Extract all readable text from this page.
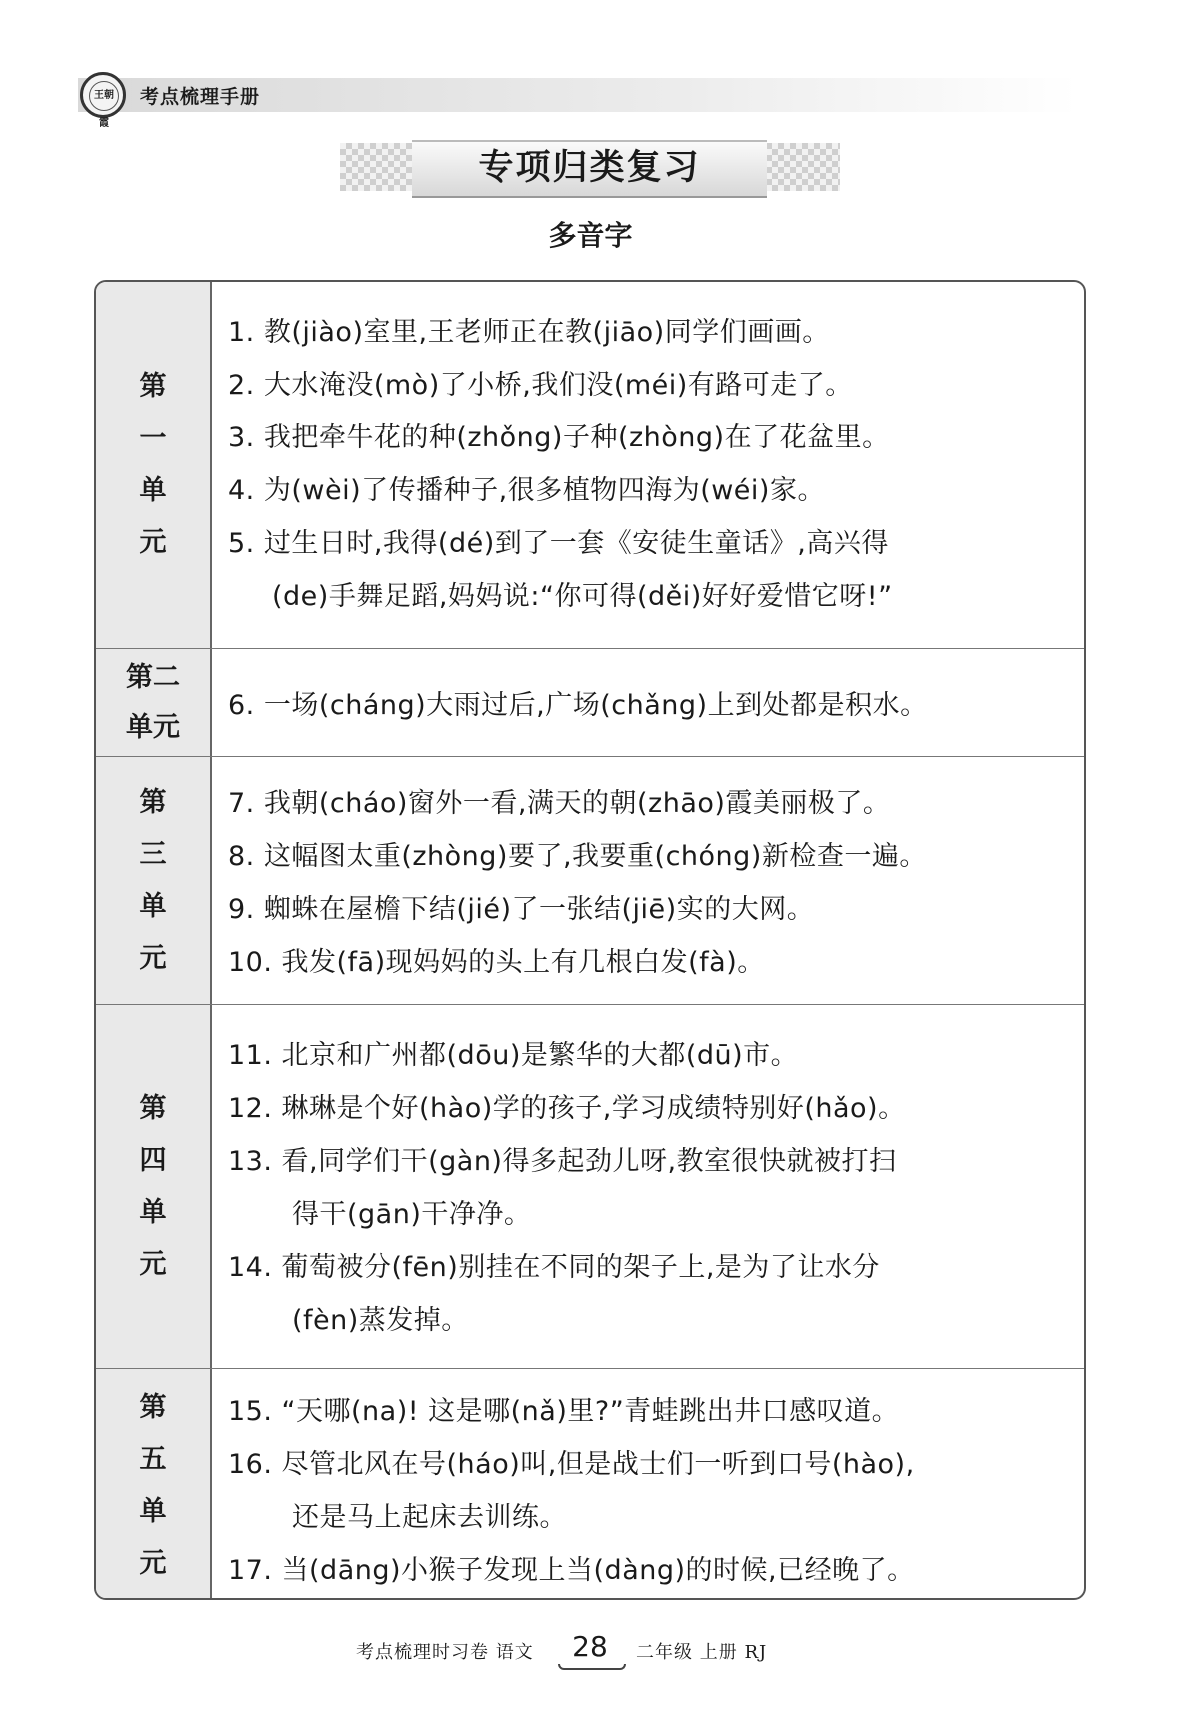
王朝霞
考点梳理手册
专项归类复习
多音字
第一单元
1. 教(jiào)室里,王老师正在教(jiāo)同学们画画。
2. 大水淹没(mò)了小桥,我们没(méi)有路可走了。
3. 我把牵牛花的种(zhǒng)子种(zhòng)在了花盆里。
4. 为(wèi)了传播种子,很多植物四海为(wéi)家。
5. 过生日时,我得(dé)到了一套《安徒生童话》,高兴得
(de)手舞足蹈,妈妈说:“你可得(děi)好好爱惜它呀!”
第二单元
6. 一场(cháng)大雨过后,广场(chǎng)上到处都是积水。
第三单元
7. 我朝(cháo)窗外一看,满天的朝(zhāo)霞美丽极了。
8. 这幅图太重(zhòng)要了,我要重(chóng)新检查一遍。
9. 蜘蛛在屋檐下结(jié)了一张结(jiē)实的大网。
10. 我发(fā)现妈妈的头上有几根白发(fà)。
第四单元
11. 北京和广州都(dōu)是繁华的大都(dū)市。
12. 琳琳是个好(hào)学的孩子,学习成绩特别好(hǎo)。
13. 看,同学们干(gàn)得多起劲儿呀,教室很快就被打扫
得干(gān)干净净。
14. 葡萄被分(fēn)别挂在不同的架子上,是为了让水分
(fèn)蒸发掉。
第五单元
15. “天哪(na)! 这是哪(nǎ)里?”青蛙跳出井口感叹道。
16. 尽管北风在号(háo)叫,但是战士们一听到口号(hào),
还是马上起床去训练。
17. 当(dāng)小猴子发现上当(dàng)的时候,已经晚了。
考点梳理时习卷 语文 28	二年级 上册 RJ
